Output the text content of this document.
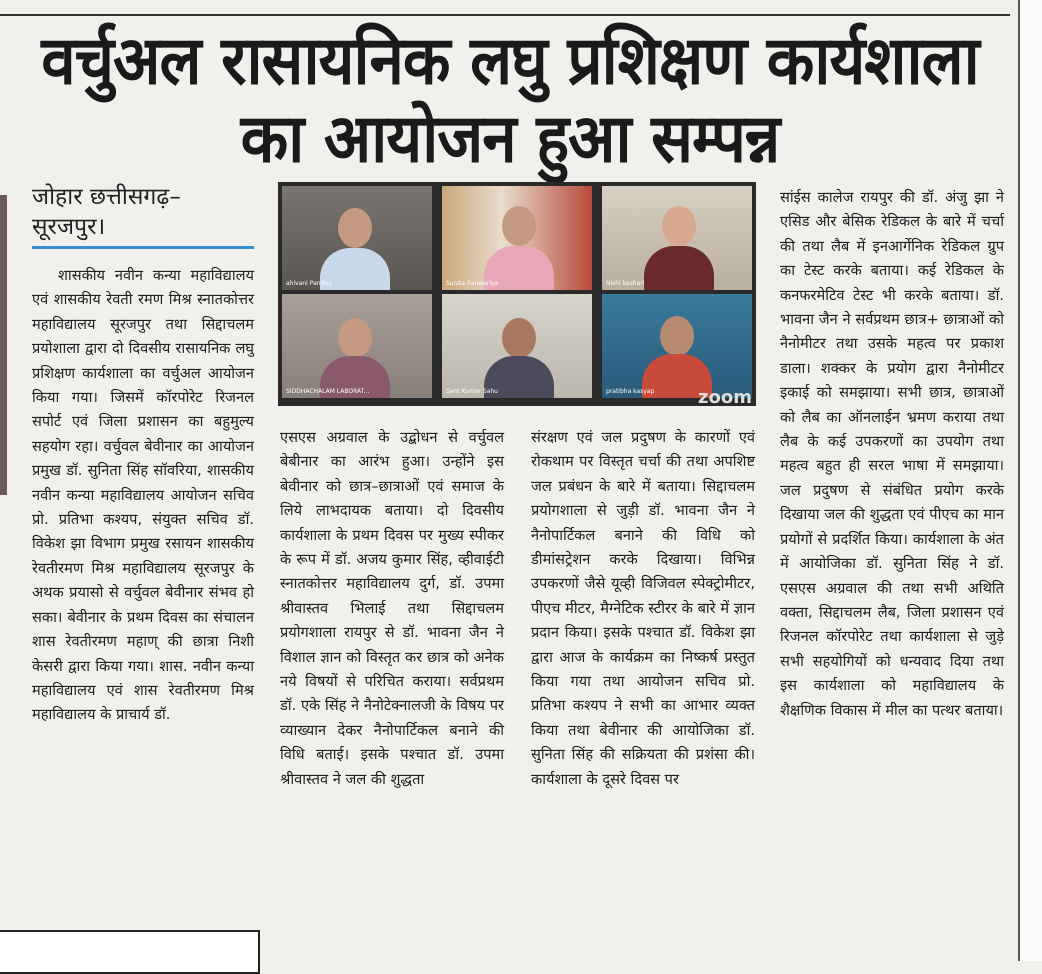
वर्चुअल रासायनिक लघु प्रशिक्षण कार्यशाला
का आयोजन हुआ सम्पन्न
जोहार छत्तीसगढ़–सूरजपुर।

शासकीय नवीन कन्या महाविद्यालय एवं शासकीय रेवती रमण मिश्र स्नातकोत्तर महाविद्यालय सूरजपुर तथा सिद्दाचलम प्रयोशाला द्वारा दो दिवसीय रासायनिक लघु प्रशिक्षण कार्यशाला का वर्चुअल आयोजन किया गया। जिसमें कॉरपोरेट रिजनल सपोर्ट एवं जिला प्रशासन का बहुमुल्य सहयोग रहा। वर्चुवल बेवीनार का आयोजन प्रमुख डॉ. सुनिता सिंह सॉवरिया, शासकीय नवीन कन्या महाविद्यालय आयोजन सचिव प्रो. प्रतिभा कश्यप, संयुक्त सचिव डॉ. विकेश झा विभाग प्रमुख रसायन शासकीय रेवतीरमण मिश्र महाविद्यालय सूरजपुर के अथक प्रयासो से वर्चुवल बेवीनार संभव हो सका। बेवीनार के प्रथम दिवस का संचालन शास रेवतीरमण महाण् की छात्रा निशी केसरी द्वारा किया गया। शास. नवीन कन्या महाविद्यालय एवं शास रेवतीरमण मिश्र महाविद्यालय के प्राचार्य डॉ.

ahivani Pandey	Sunita Sanwariya	Nishi kesharl
SIDDHACHALAM LABORAT...	Sant Kumar Sahu	pratibha kasyap zoom

एसएस अग्रवाल के उद्बोधन से वर्चुवल बेबीनार का आरंभ हुआ। उन्होंने इस बेवीनार को छात्र–छात्राओं एवं समाज के लिये लाभदायक बताया। दो दिवसीय कार्यशाला के प्रथम दिवस पर मुख्य स्पीकर के रूप में डॉ. अजय कुमार सिंह, व्हीवाईटी स्नातकोत्तर महाविद्यालय दुर्ग, डॉ. उपमा श्रीवास्तव भिलाई तथा सिद्दाचलम प्रयोगशाला रायपुर से डॉ. भावना जैन ने विशाल ज्ञान को विस्तृत कर छात्र को अनेक नये विषयों से परिचित कराया। सर्वप्रथम डॉ. एके सिंह ने नैनोटेक्नालजी के विषय पर व्याख्यान देकर नैनोपार्टिकल बनाने की विधि बताई। इसके पश्चात डॉ. उपमा श्रीवास्तव ने जल की शुद्धता

संरक्षण एवं जल प्रदुषण के कारणों एवं रोकथाम पर विस्तृत चर्चा की तथा अपशिष्ट जल प्रबंधन के बारे में बताया। सिद्दाचलम प्रयोगशाला से जुड़ी डॉ. भावना जैन ने नैनोपार्टिकल बनाने की विधि को डीमांसट्रेशन करके दिखाया। विभिन्न उपकरणों जैसे यूव्ही विजिवल स्पेक्ट्रोमीटर, पीएच मीटर, मैग्नेटिक स्टीरर के बारे में ज्ञान प्रदान किया। इसके पश्चात डॉ. विकेश झा द्वारा आज के कार्यक्रम का निष्कर्ष प्रस्तुत किया गया तथा आयोजन सचिव प्रो. प्रतिभा कश्यप ने सभी का आभार व्यक्त किया तथा बेवीनार की आयोजिका डॉ. सुनिता सिंह की सक्रियता की प्रशंसा की। कार्यशाला के दूसरे दिवस पर

सांईस कालेज रायपुर की डॉ. अंजु झा ने एसिड और बेसिक रेडिकल के बारे में चर्चा की तथा लैब में इनआर्गेनिक रेडिकल ग्रुप का टेस्ट करके बताया। कई रेडिकल के कनफरमेटिव टेस्ट भी करके बताया। डॉ. भावना जैन ने सर्वप्रथम छात्र+ छात्राओं को नैनोमीटर तथा उसके महत्व पर प्रकाश डाला। शक्कर के प्रयोग द्वारा नैनोमीटर इकाई को समझाया। सभी छात्र, छात्राओं को लैब का ऑनलाईन भ्रमण कराया तथा लैब के कई उपकरणों का उपयोग तथा महत्व बहुत ही सरल भाषा में समझाया। जल प्रदुषण से संबंधित प्रयोग करके दिखाया जल की शुद्धता एवं पीएच का मान प्रयोगों से प्रदर्शित किया। कार्यशाला के अंत में आयोजिका डॉ. सुनिता सिंह ने डॉ. एसएस अग्रवाल की तथा सभी अथिति वक्ता, सिद्दाचलम लैब, जिला प्रशासन एवं रिजनल कॉरपोरेट तथा कार्यशाला से जुड़े सभी सहयोगियों को धन्यवाद दिया तथा इस कार्यशाला को महाविद्यालय के शैक्षणिक विकास में मील का पत्थर बताया।
